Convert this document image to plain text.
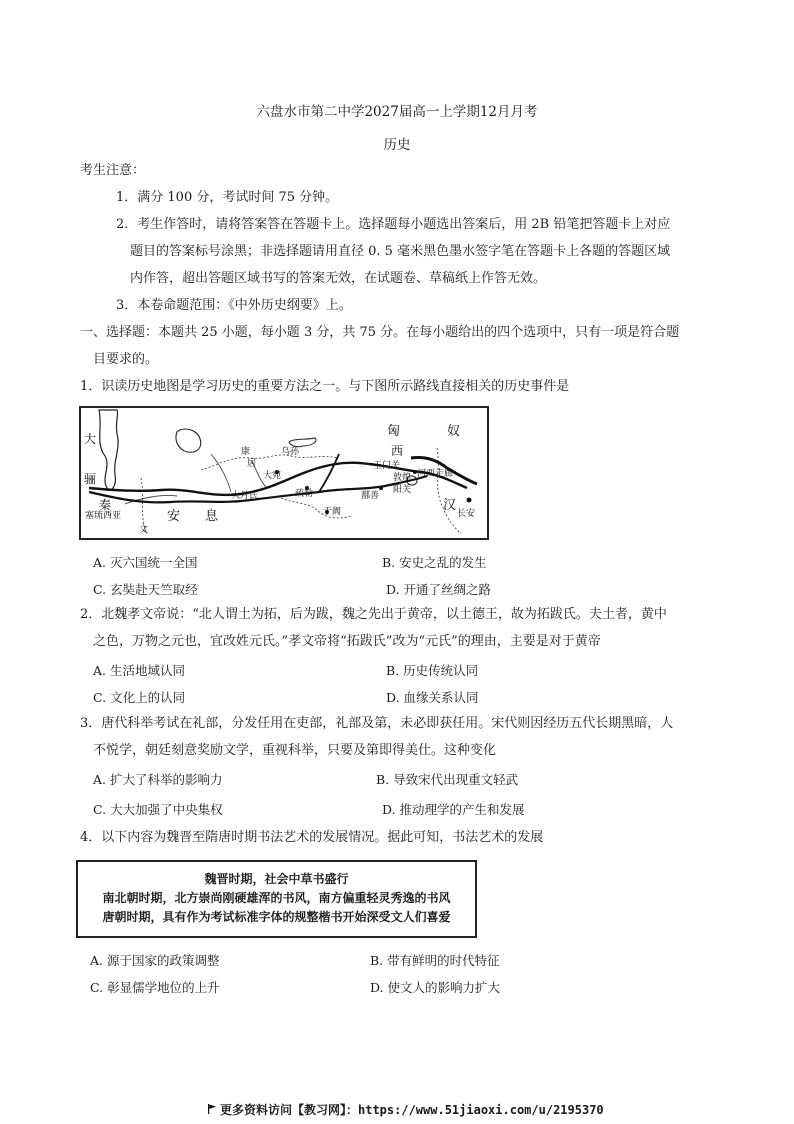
六盘水市第二中学2027届高一上学期12月月考
历史
考生注意：
1．满分 100 分，考试时间 75 分钟。
2．考生作答时，请将答案答在答题卡上。选择题每小题选出答案后，用 2B 铅笔把答题卡上对应
题目的答案标号涂黑；非选择题请用直径 0. 5 毫米黑色墨水签字笔在答题卡上各题的答题区域
内作答，超出答题区域书写的答案无效，在试题卷、草稿纸上作答无效。
3．本卷命题范围：《中外历史纲要》上。
一、选择题：本题共 25 小题，每小题 3 分，共 75 分。在每小题给出的四个选项中，只有一项是符合题
目要求的。
1．识读历史地图是学习历史的重要方法之一。与下图所示路线直接相关的历史事件是
大
骊
秦
康
居
大宛
乌孙
疏勒
大月氏
安 息
文
塞琉西亚
匈	奴
西
玉门关
敦煌
阳关
鄯善
于阗
河西走廊
汉
长安
A. 灭六国统一全国	B. 安史之乱的发生
C. 玄奘赴天竺取经	D. 开通了丝绸之路
2．北魏孝文帝说：“北人谓土为拓，后为跋，魏之先出于黄帝，以土德王，故为拓跋氏。夫土者，黄中
之色，万物之元也，宜改姓元氏。”孝文帝将“拓跋氏”改为“元氏”的理由，主要是对于黄帝
A. 生活地域认同	B. 历史传统认同
C. 文化上的认同	D. 血缘关系认同
3．唐代科举考试在礼部，分发任用在吏部，礼部及第，未必即获任用。宋代则因经历五代长期黑暗，人
不悦学，朝廷刻意奖励文学，重视科举，只要及第即得美仕。这种变化
A. 扩大了科举的影响力	B. 导致宋代出现重文轻武
C. 大大加强了中央集权	D. 推动理学的产生和发展
4．以下内容为魏晋至隋唐时期书法艺术的发展情况。据此可知，书法艺术的发展
魏晋时期，社会中草书盛行
南北朝时期，北方崇尚刚硬雄浑的书风，南方偏重轻灵秀逸的书风
唐朝时期，具有作为考试标准字体的规整楷书开始深受文人们喜爱
A. 源于国家的政策调整	B. 带有鲜明的时代特征
C. 彰显儒学地位的上升	D. 使文人的影响力扩大
更多资料访问【教习网】：https://www.51jiaoxi.com/u/2195370
